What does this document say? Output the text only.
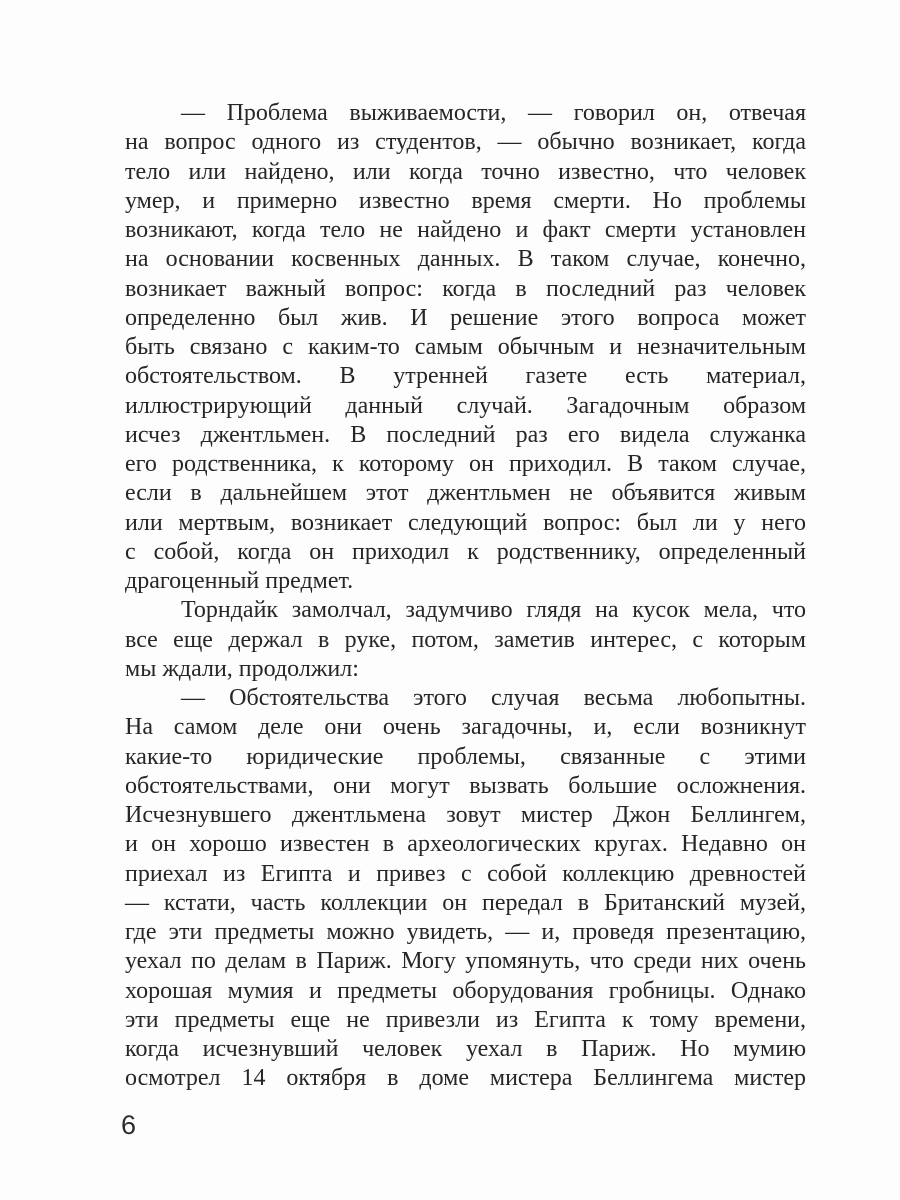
— Проблема выживаемости, — говорил он, отвечая
на вопрос одного из студентов, — обычно возникает, когда
тело или найдено, или когда точно известно, что человек
умер, и примерно известно время смерти. Но проблемы
возникают, когда тело не найдено и факт смерти установлен
на основании косвенных данных. В таком случае, конечно,
возникает важный вопрос: когда в последний раз человек
определенно был жив. И решение этого вопроса может
быть связано с каким-то самым обычным и незначительным
обстоятельством. В утренней газете есть материал,
иллюстрирующий данный случай. Загадочным образом
исчез джентльмен. В последний раз его видела служанка
его родственника, к которому он приходил. В таком случае,
если в дальнейшем этот джентльмен не объявится живым
или мертвым, возникает следующий вопрос: был ли у него
с собой, когда он приходил к родственнику, определенный
драгоценный предмет.
Торндайк замолчал, задумчиво глядя на кусок мела, что
все еще держал в руке, потом, заметив интерес, с которым
мы ждали, продолжил:
— Обстоятельства этого случая весьма любопытны.
На самом деле они очень загадочны, и, если возникнут
какие-то юридические проблемы, связанные с этими
обстоятельствами, они могут вызвать большие осложнения.
Исчезнувшего джентльмена зовут мистер Джон Беллингем,
и он хорошо известен в археологических кругах. Недавно он
приехал из Египта и привез с собой коллекцию древностей
— кстати, часть коллекции он передал в Британский музей,
где эти предметы можно увидеть, — и, проведя презентацию,
уехал по делам в Париж. Могу упомянуть, что среди них очень
хорошая мумия и предметы оборудования гробницы. Однако
эти предметы еще не привезли из Египта к тому времени,
когда исчезнувший человек уехал в Париж. Но мумию
осмотрел 14 октября в доме мистера Беллингема мистер
6
